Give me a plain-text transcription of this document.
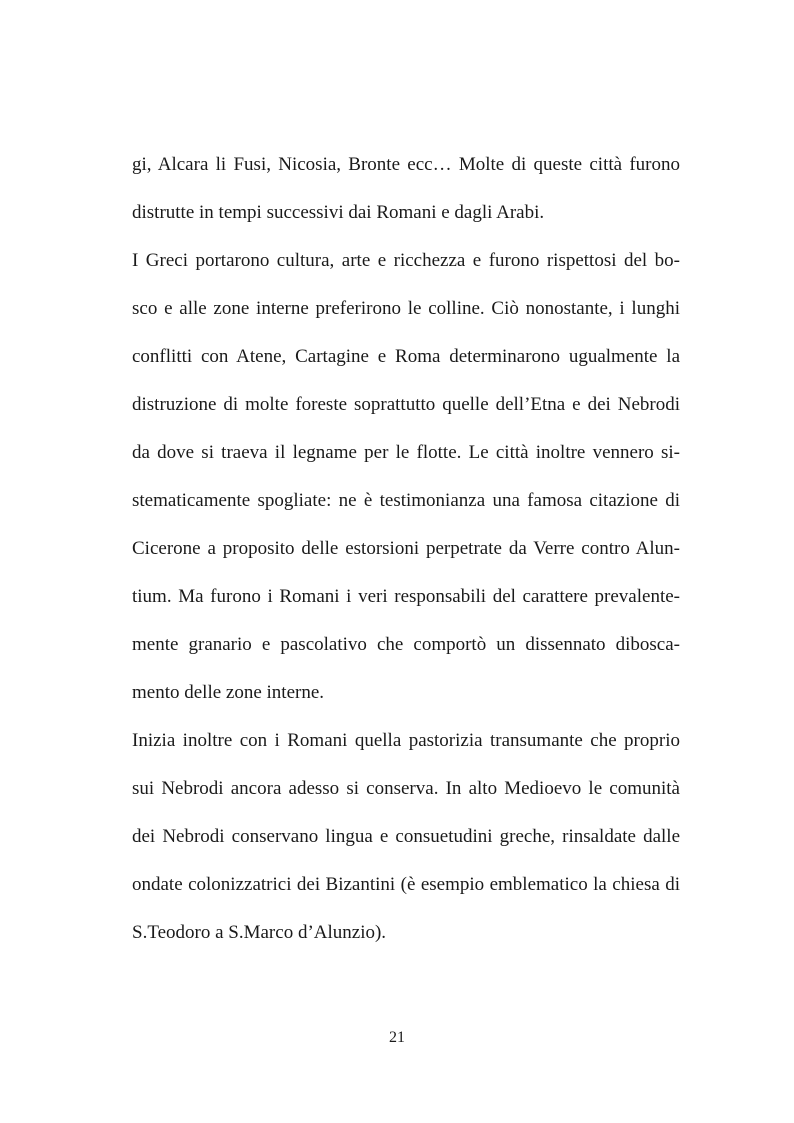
gi, Alcara li Fusi, Nicosia, Bronte ecc… Molte di queste città furono

distrutte in tempi successivi dai Romani e dagli Arabi.

I Greci portarono cultura, arte e ricchezza e furono rispettosi del bo-

sco e alle zone interne preferirono le colline. Ciò nonostante, i lunghi

conflitti con Atene, Cartagine e Roma determinarono ugualmente la

distruzione di molte foreste soprattutto quelle dell’Etna e dei Nebrodi

da dove si traeva il legname per le flotte. Le città inoltre vennero si-

stematicamente spogliate: ne è testimonianza una famosa citazione di

Cicerone a proposito delle estorsioni perpetrate da Verre contro Alun-

tium. Ma furono i Romani i veri responsabili del carattere prevalente-

mente granario e pascolativo che comportò un dissennato dibosca-

mento delle zone interne.

Inizia inoltre con i Romani quella pastorizia transumante che proprio

sui Nebrodi ancora adesso si conserva. In alto Medioevo le comunità

dei Nebrodi conservano lingua e consuetudini greche, rinsaldate dalle

ondate colonizzatrici dei Bizantini (è esempio emblematico la chiesa di

S.Teodoro a S.Marco d’Alunzio).

21
